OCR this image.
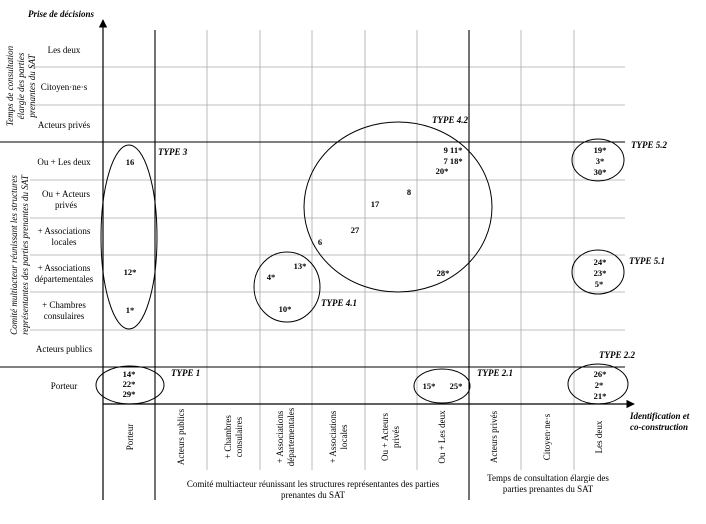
Prise de décisions
Identification et
co-construction
Temps de consultation élargie des parties prenantes du SAT
Comité multiacteur réunissant les structures représentantes des parties prenantes du SAT
Les deux
Citoyen·ne·s
Acteurs privés
Ou + Les deux
Ou + Acteurs
privés
+ Associations
locales
+ Associations
départementales
+ Chambres
consulaires
Acteurs publics
Porteur
Porteur	Acteurs publics	+ Chambres consulaires	+ Associations départementales	+ Associations locales	Ou + Acteurs privés	Ou + Les deux	Acteurs privés	Citoyen·ne·s	Les deux
Comité multiacteur réunissant les structures représentantes des parties
prenantes du SAT
Temps de consultation élargie des
parties prenantes du SAT
TYPE 3
TYPE 1
TYPE 4.1
TYPE 4.2
TYPE 2.1
TYPE 5.2
TYPE 5.1
TYPE 2.2
16
12*
1*
14*
22*
29*
4*
13*
10*
6
27
17
8
9 11*
7 18*
20*
28*
15* 25*
19*
3*
30*
24*
23*
5*
26*
2*
21*
